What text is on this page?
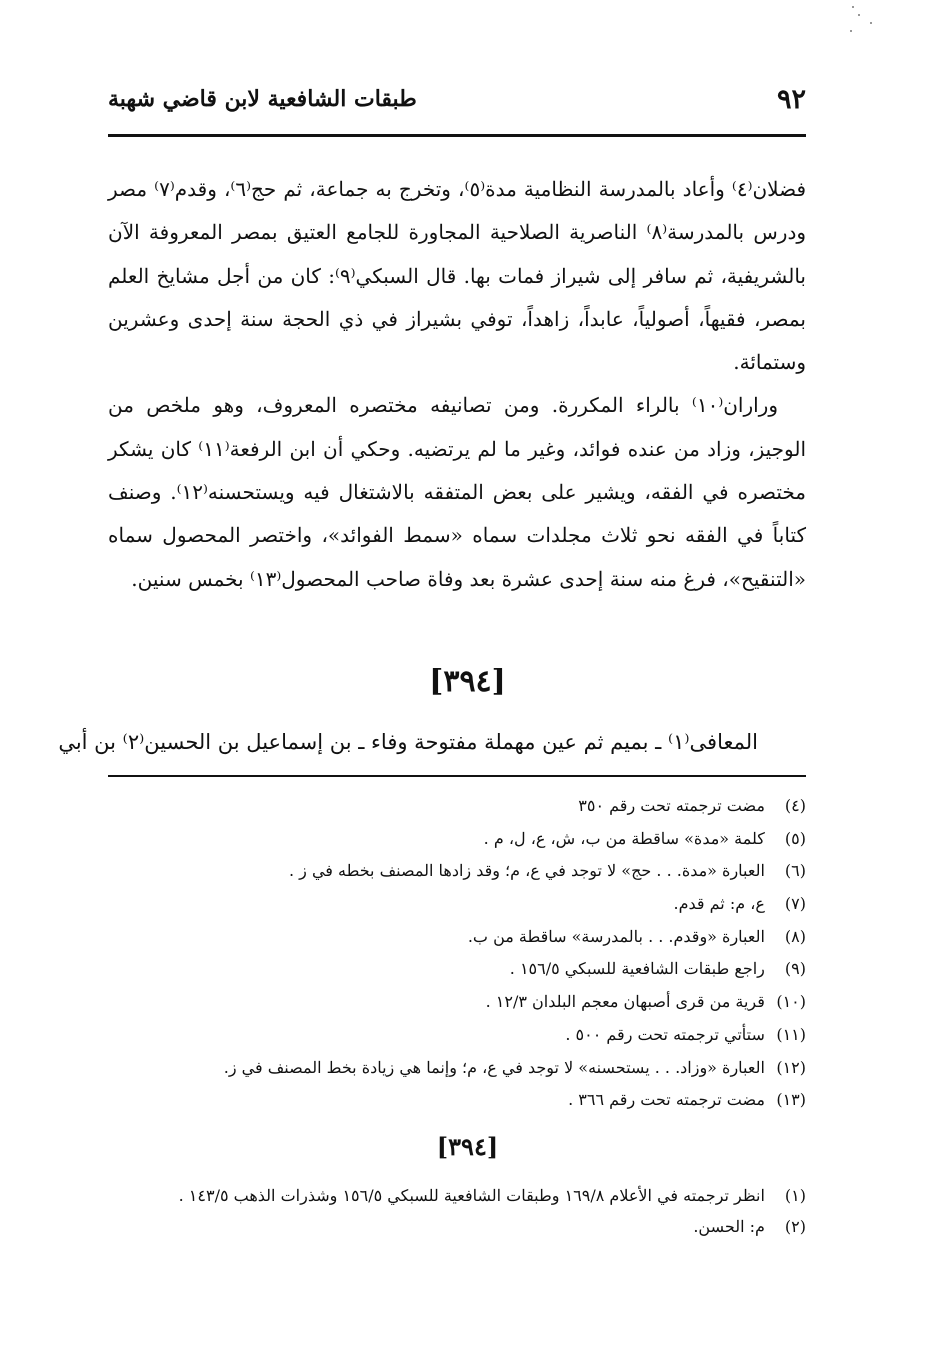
٩٢
طبقات الشافعية لابن قاضي شهبة

فضلان⁽٤⁾ وأعاد بالمدرسة النظامية مدة⁽٥⁾، وتخرج به جماعة، ثم حج⁽٦⁾، وقدم⁽٧⁾ مصر ودرس بالمدرسة⁽٨⁾ الناصرية الصلاحية المجاورة للجامع العتيق بمصر المعروفة الآن بالشريفية، ثم سافر إلى شيراز فمات بها. قال السبكي⁽٩⁾: كان من أجل مشايخ العلم بمصر، فقيهاً، أصولياً، عابداً، زاهداً، توفي بشيراز في ذي الحجة سنة إحدى وعشرين وستمائة.

وراران⁽١٠⁾ بالراء المكررة. ومن تصانيفه مختصره المعروف، وهو ملخص من الوجيز، وزاد من عنده فوائد، وغير ما لم يرتضيه. وحكي أن ابن الرفعة⁽١١⁾ كان يشكر مختصره في الفقه، ويشير على بعض المتفقه بالاشتغال فيه ويستحسنه⁽١٢⁾. وصنف كتاباً في الفقه نحو ثلاث مجلدات سماه «سمط الفوائد»، واختصر المحصول سماه «التنقيح»، فرغ منه سنة إحدى عشرة بعد وفاة صاحب المحصول⁽١٣⁾ بخمس سنين.

[٣٩٤]
المعافى⁽١⁾ ـ بميم ثم عين مهملة مفتوحة وفاء ـ بن إسماعيل بن الحسين⁽٢⁾ بن أبي
(٤) مضت ترجمته تحت رقم ٣٥٠
(٥) كلمة «مدة» ساقطة من ب، ش، ع، ل، م .
(٦) العبارة «مدة. . . حج» لا توجد في ع، م؛ وقد زادها المصنف بخطه في ز .
(٧) ع، م: ثم قدم.
(٨) العبارة «وقدم. . . بالمدرسة» ساقطة من ب.
(٩) راجع طبقات الشافعية للسبكي ١٥٦/٥ .
(١٠) قرية من قرى أصبهان معجم البلدان ١٢/٣ .
(١١) ستأتي ترجمته تحت رقم ٥٠٠ .
(١٢) العبارة «وزاد. . . يستحسنه» لا توجد في ع، م؛ وإنما هي زيادة بخط المصنف في ز.
(١٣) مضت ترجمته تحت رقم ٣٦٦ .
[٣٩٤]

(١) انظر ترجمته في الأعلام ١٦٩/٨ وطبقات الشافعية للسبكي ١٥٦/٥ وشذرات الذهب ١٤٣/٥ .

(٢) م: الحسن.
